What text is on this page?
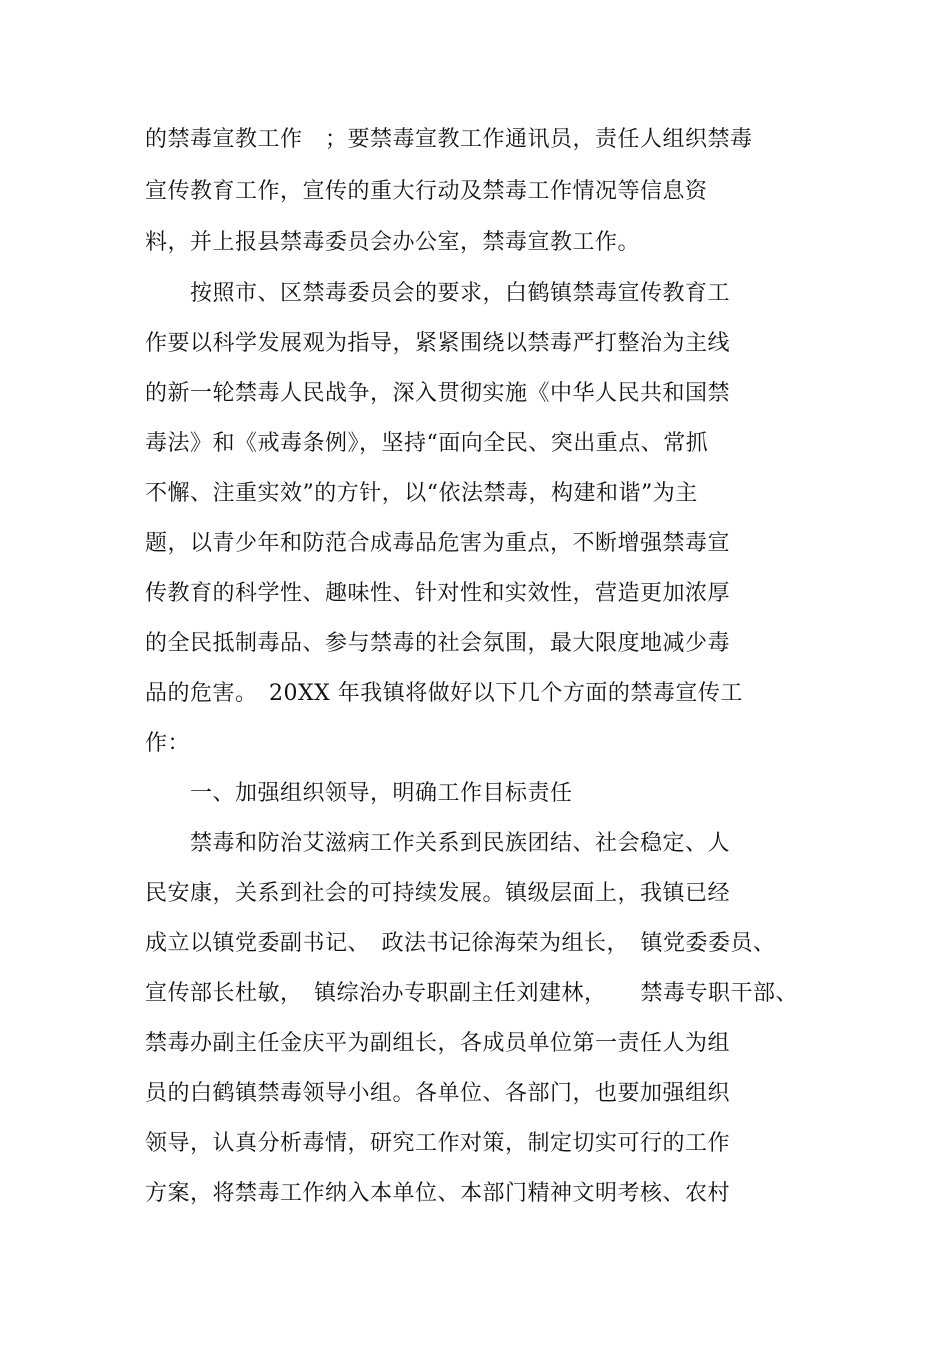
的禁毒宣教工作　；要禁毒宣教工作通讯员，责任人组织禁毒
宣传教育工作，宣传的重大行动及禁毒工作情况等信息资
料，并上报县禁毒委员会办公室，禁毒宣教工作。
　　按照市、区禁毒委员会的要求，白鹤镇禁毒宣传教育工
作要以科学发展观为指导，紧紧围绕以禁毒严打整治为主线
的新一轮禁毒人民战争，深入贯彻实施《中华人民共和国禁
毒法》和《戒毒条例》，坚持“面向全民、突出重点、常抓
不懈、注重实效”的方针，以“依法禁毒，构建和谐”为主
题，以青少年和防范合成毒品危害为重点，不断增强禁毒宣
传教育的科学性、趣味性、针对性和实效性，营造更加浓厚
的全民抵制毒品、参与禁毒的社会氛围，最大限度地减少毒
品的危害。　20XX 年我镇将做好以下几个方面的禁毒宣传工
作：
　　一、加强组织领导，明确工作目标责任
　　禁毒和防治艾滋病工作关系到民族团结、社会稳定、人
民安康，关系到社会的可持续发展。镇级层面上，我镇已经
成立以镇党委副书记、　政法书记徐海荣为组长，　镇党委委员、
宣传部长杜敏，　镇综治办专职副主任刘建林，　　禁毒专职干部、
禁毒办副主任金庆平为副组长，各成员单位第一责任人为组
员的白鹤镇禁毒领导小组。各单位、各部门，也要加强组织
领导，认真分析毒情，研究工作对策，制定切实可行的工作
方案，将禁毒工作纳入本单位、本部门精神文明考核、农村
